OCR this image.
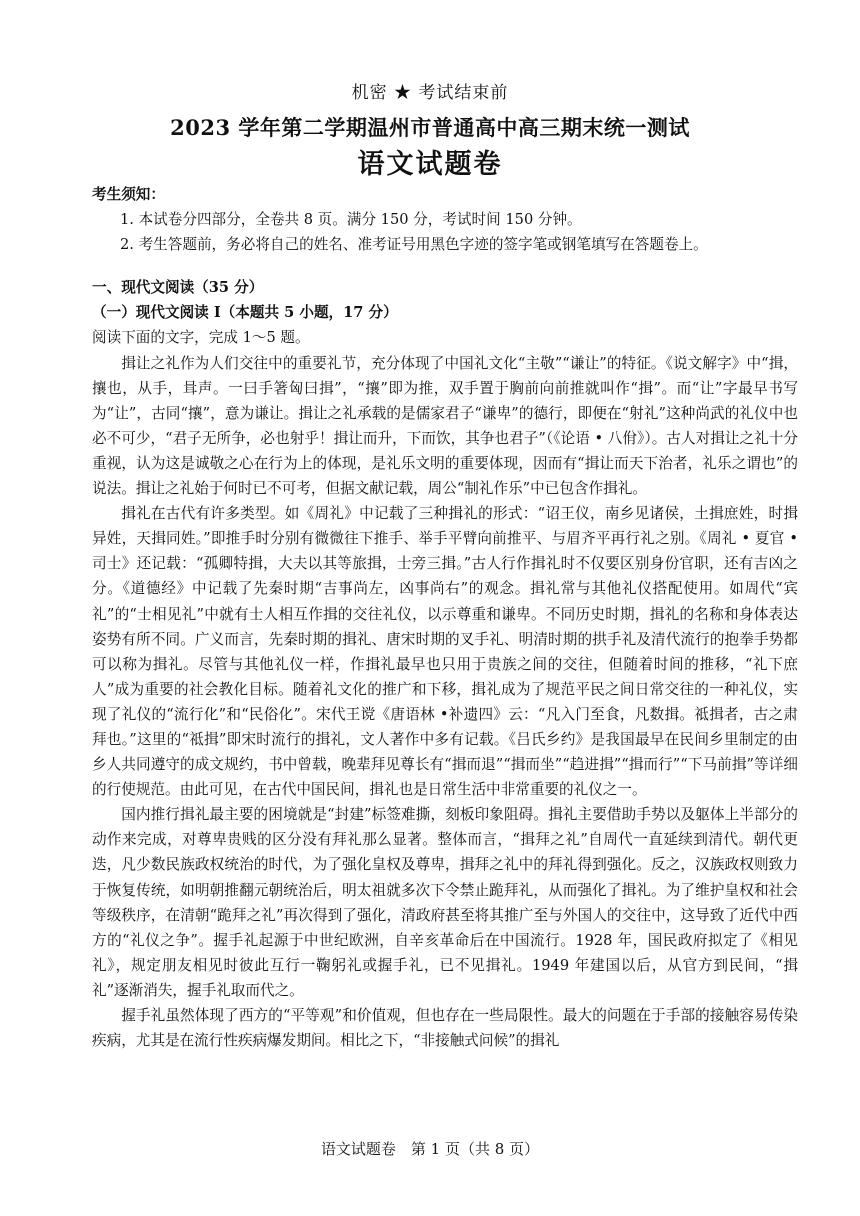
机密 ★ 考试结束前
2023 学年第二学期温州市普通高中高三期末统一测试
语文试题卷

考生须知：

1. 本试卷分四部分，全卷共 8 页。满分 150 分，考试时间 150 分钟。

2. 考生答题前，务必将自己的姓名、准考证号用黑色字迹的签字笔或钢笔填写在答题卷上。

一、现代文阅读（35 分）

（一）现代文阅读 I（本题共 5 小题，17 分）

阅读下面的文字，完成 1～5 题。

揖让之礼作为人们交往中的重要礼节，充分体现了中国礼文化“主敬”“谦让”的特征。《说文解字》中“揖，攘也，从手，咠声。一曰手箸匈曰揖”，“攘”即为推，双手置于胸前向前推就叫作“揖”。而“让”字最早书写为“让”，古同“攘”，意为谦让。揖让之礼承载的是儒家君子“谦卑”的德行，即便在“射礼”这种尚武的礼仪中也必不可少，“君子无所争，必也射乎！揖让而升，下而饮，其争也君子”（《论语 • 八佾》）。古人对揖让之礼十分重视，认为这是诚敬之心在行为上的体现，是礼乐文明的重要体现，因而有“揖让而天下治者，礼乐之谓也”的说法。揖让之礼始于何时已不可考，但据文献记载，周公“制礼作乐”中已包含作揖礼。

揖礼在古代有许多类型。如《周礼》中记载了三种揖礼的形式：“诏王仪，南乡见诸侯，土揖庶姓，时揖异姓，天揖同姓。”即推手时分别有微微往下推手、举手平臂向前推平、与眉齐平再行礼之别。《周礼 • 夏官 • 司士》还记载：“孤卿特揖，大夫以其等旅揖，士旁三揖。”古人行作揖礼时不仅要区别身份官职，还有吉凶之分。《道德经》中记载了先秦时期“吉事尚左，凶事尚右”的观念。揖礼常与其他礼仪搭配使用。如周代“宾礼”的“士相见礼”中就有士人相互作揖的交往礼仪，以示尊重和谦卑。不同历史时期，揖礼的名称和身体表达姿势有所不同。广义而言，先秦时期的揖礼、唐宋时期的叉手礼、明清时期的拱手礼及清代流行的抱拳手势都可以称为揖礼。尽管与其他礼仪一样，作揖礼最早也只用于贵族之间的交往，但随着时间的推移，“礼下庶人”成为重要的社会教化目标。随着礼文化的推广和下移，揖礼成为了规范平民之间日常交往的一种礼仪，实现了礼仪的“流行化”和“民俗化”。宋代王谠《唐语林 •补遗四》云：“凡入门至食，凡数揖。祗揖者，古之肃拜也。”这里的“祗揖”即宋时流行的揖礼，文人著作中多有记载。《吕氏乡约》是我国最早在民间乡里制定的由乡人共同遵守的成文规约，书中曾载，晚辈拜见尊长有“揖而退”“揖而坐”“趋进揖”“揖而行”“下马前揖”等详细的行使规范。由此可见，在古代中国民间，揖礼也是日常生活中非常重要的礼仪之一。

国内推行揖礼最主要的困境就是“封建”标签难撕，刻板印象阻碍。揖礼主要借助手势以及躯体上半部分的动作来完成，对尊卑贵贱的区分没有拜礼那么显著。整体而言，“揖拜之礼”自周代一直延续到清代。朝代更迭，凡少数民族政权统治的时代，为了强化皇权及尊卑，揖拜之礼中的拜礼得到强化。反之，汉族政权则致力于恢复传统，如明朝推翻元朝统治后，明太祖就多次下令禁止跪拜礼，从而强化了揖礼。为了维护皇权和社会等级秩序，在清朝“跪拜之礼”再次得到了强化，清政府甚至将其推广至与外国人的交往中，这导致了近代中西方的“礼仪之争”。握手礼起源于中世纪欧洲，自辛亥革命后在中国流行。1928 年，国民政府拟定了《相见礼》，规定朋友相见时彼此互行一鞠躬礼或握手礼，已不见揖礼。1949 年建国以后，从官方到民间，“揖礼”逐渐消失，握手礼取而代之。

握手礼虽然体现了西方的“平等观”和价值观，但也存在一些局限性。最大的问题在于手部的接触容易传染疾病，尤其是在流行性疾病爆发期间。相比之下，“非接触式问候”的揖礼

语文试题卷　第 1 页（共 8 页）
